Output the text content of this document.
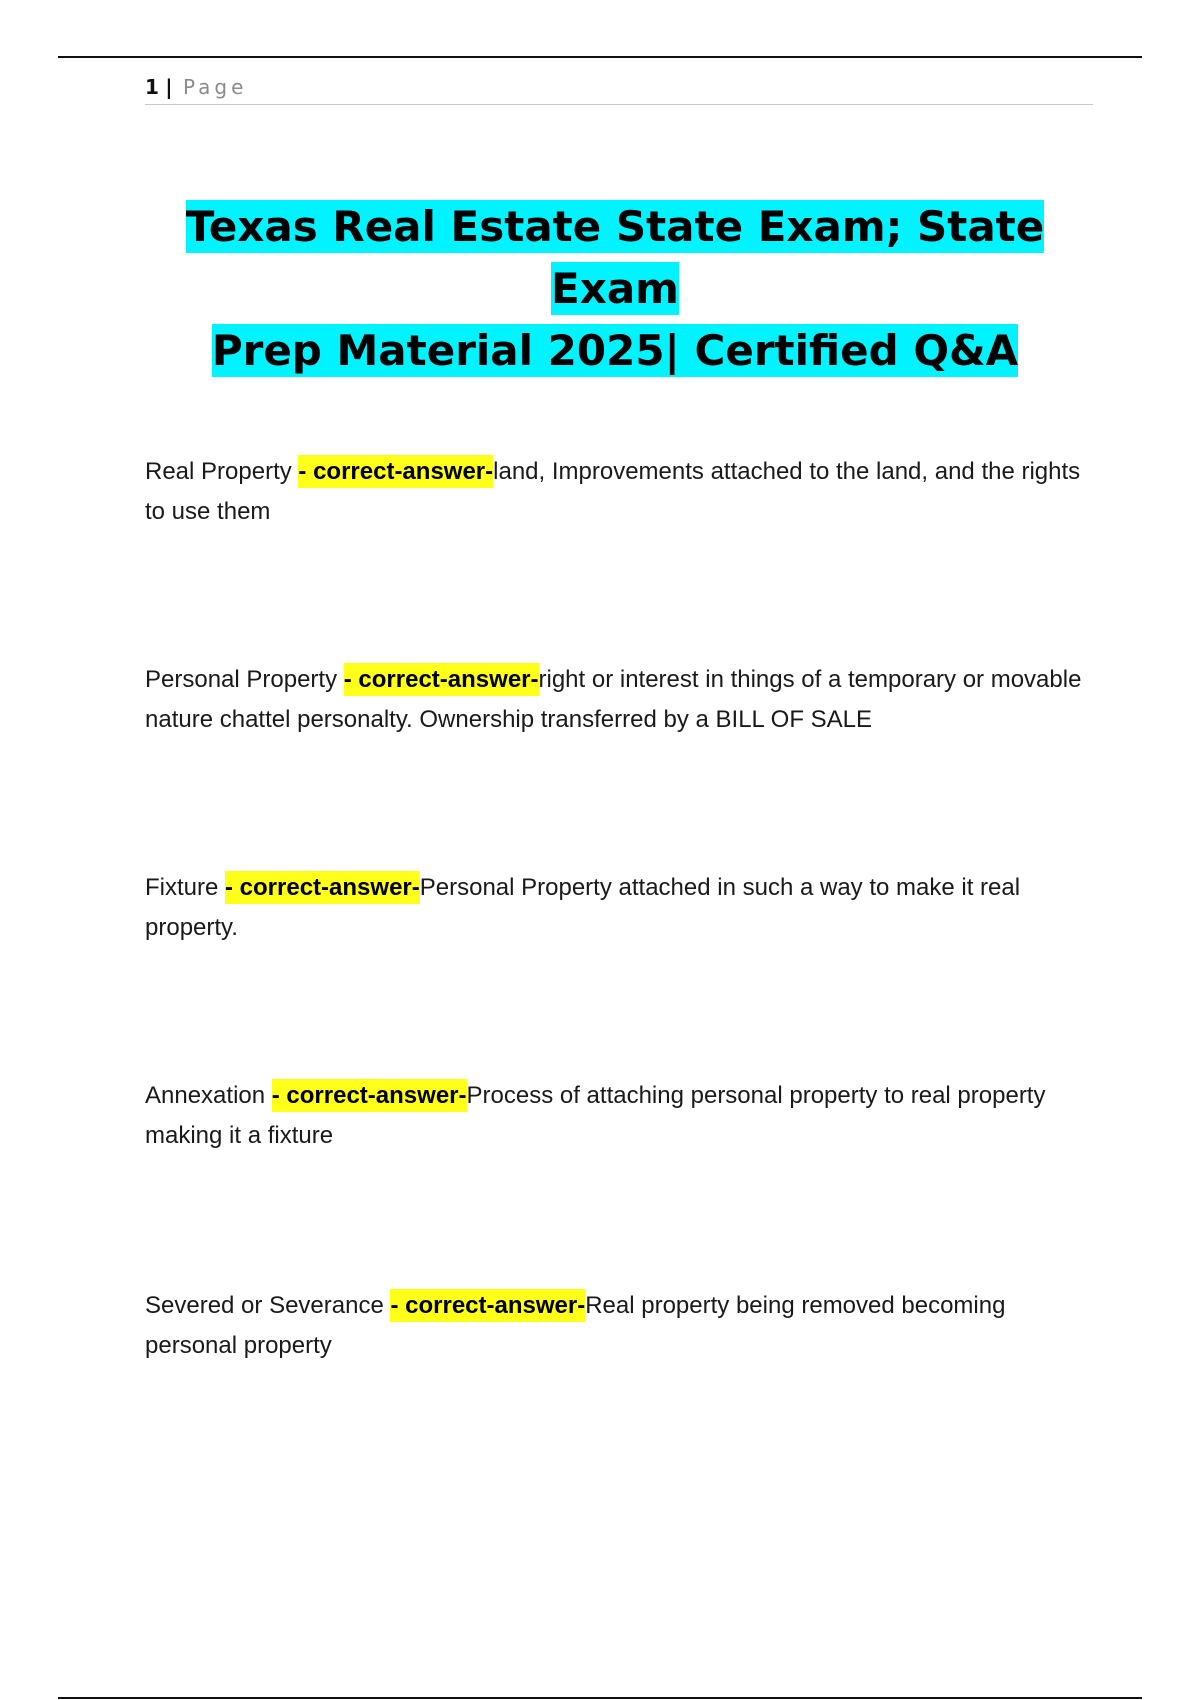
1 | Page
Texas Real Estate State Exam; State Exam
Prep Material 2025| Certified Q&A

Real Property - correct-answer-land, Improvements attached to the land, and the rights to use them

Personal Property - correct-answer-right or interest in things of a temporary or movable nature chattel personalty. Ownership transferred by a BILL OF SALE

Fixture - correct-answer-Personal Property attached in such a way to make it real property.

Annexation - correct-answer-Process of attaching personal property to real property making it a fixture

Severed or Severance - correct-answer-Real property being removed becoming personal property
